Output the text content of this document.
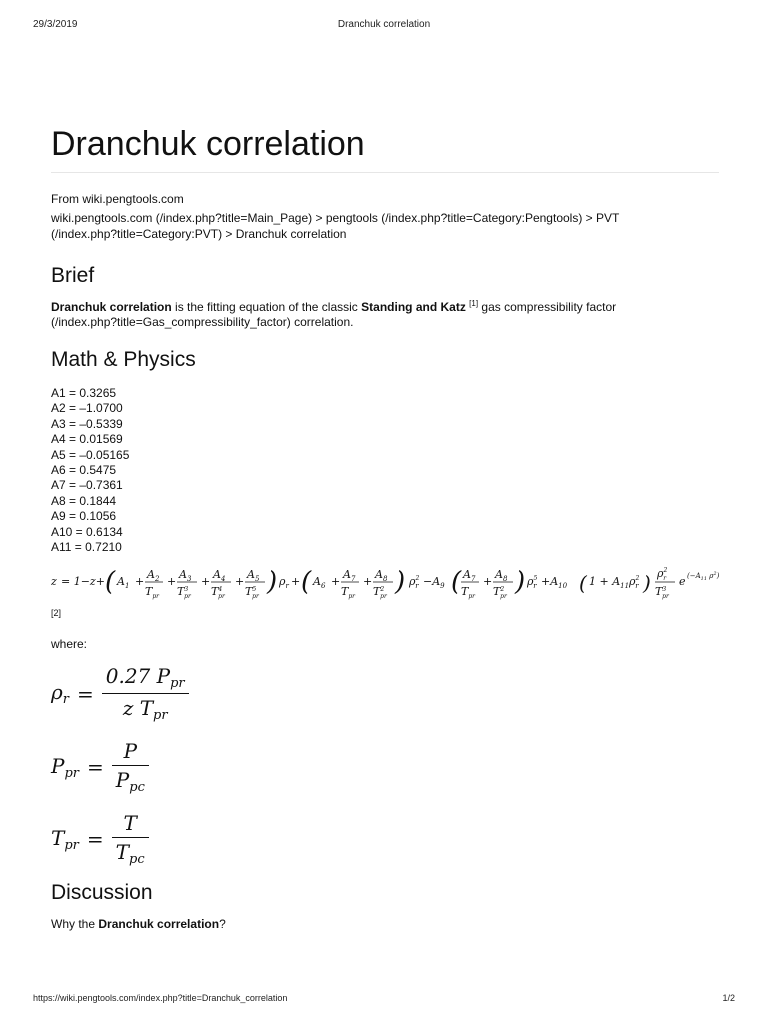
29/3/2019	Dranchuk correlation
Dranchuk correlation
From wiki.pengtools.com
wiki.pengtools.com (/index.php?title=Main_Page) > pengtools (/index.php?title=Category:Pengtools) > PVT
(/index.php?title=Category:PVT) > Dranchuk correlation
Brief

Dranchuk correlation is the fitting equation of the classic Standing and Katz [1] gas compressibility factor
(/index.php?title=Gas_compressibility_factor) correlation.

Math & Physics
A1 = 0.3265
A2 = –1.0700
A3 = –0.5339
A4 = 0.01569
A5 = –0.05165
A6 = 0.5475
A7 = –0.7361
A8 = 0.1844
A9 = 0.1056
A10 = 0.6134
A11 = 0.7210
z = 1−z+ ( $A_1$ +
$A_2$
$T_{pr}$
+
$A_3$
$T^3$ pr
+
$A_4$
$T^4$ pr
+
$A_5$
$T^5$ pr ) $\rho_r$ + ( $A_6$ +
$A_7$
$T_{pr}$
+
$A_8$
$T^2$ pr ) $\rho^2$ $r -A_9$ ( $A_7$
$T_{pr}$
+
$A_8$
$T^2$ pr ) $\rho^5$ $r +A_{10}$ ( $1 + A_{11}$ $\rho^2$ r ) $\rho^2$ r
$T^3$ pr
e ($-A_{11}$ $\rho^2$)
[2]
where:
$\rho_r = \frac{0.27 P_{pr}}{z T_{pr}}$
$P_{pr} = \frac{P}{P_{pc}}$
$T_{pr} = \frac{T}{T_{pc}}$
Discussion
Why the Dranchuk correlation?
https://wiki.pengtools.com/index.php?title=Dranchuk_correlation	1/2
